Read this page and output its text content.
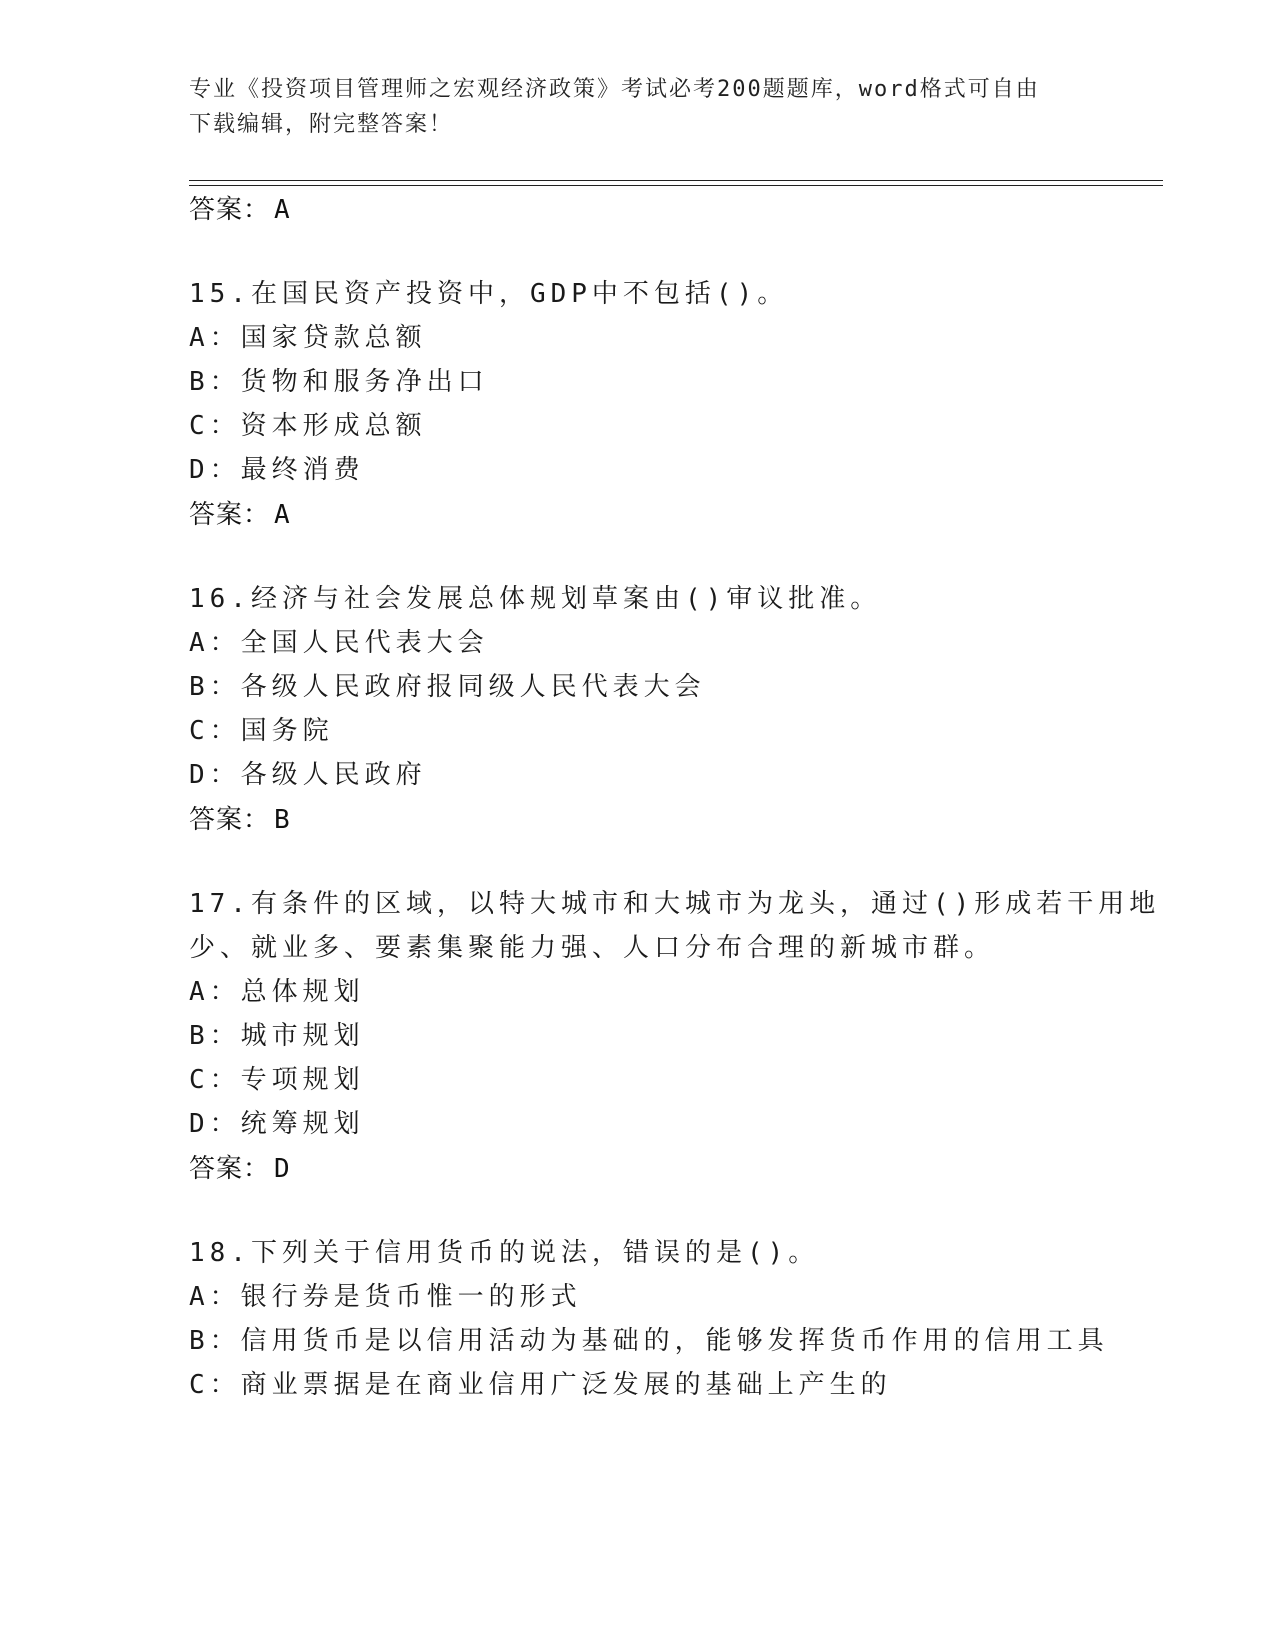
专业《投资项目管理师之宏观经济政策》考试必考200题题库，word格式可自由
下载编辑，附完整答案！
答案： A
15.在国民资产投资中，GDP中不包括()。
A：国家贷款总额
B：货物和服务净出口
C：资本形成总额
D：最终消费
答案： A
16.经济与社会发展总体规划草案由()审议批准。
A：全国人民代表大会
B：各级人民政府报同级人民代表大会
C：国务院
D：各级人民政府
答案： B
17.有条件的区域，以特大城市和大城市为龙头，通过()形成若干用地
少、就业多、要素集聚能力强、人口分布合理的新城市群。
A：总体规划
B：城市规划
C：专项规划
D：统筹规划
答案： D
18.下列关于信用货币的说法，错误的是()。
A：银行券是货币惟一的形式
B：信用货币是以信用活动为基础的，能够发挥货币作用的信用工具
C：商业票据是在商业信用广泛发展的基础上产生的
